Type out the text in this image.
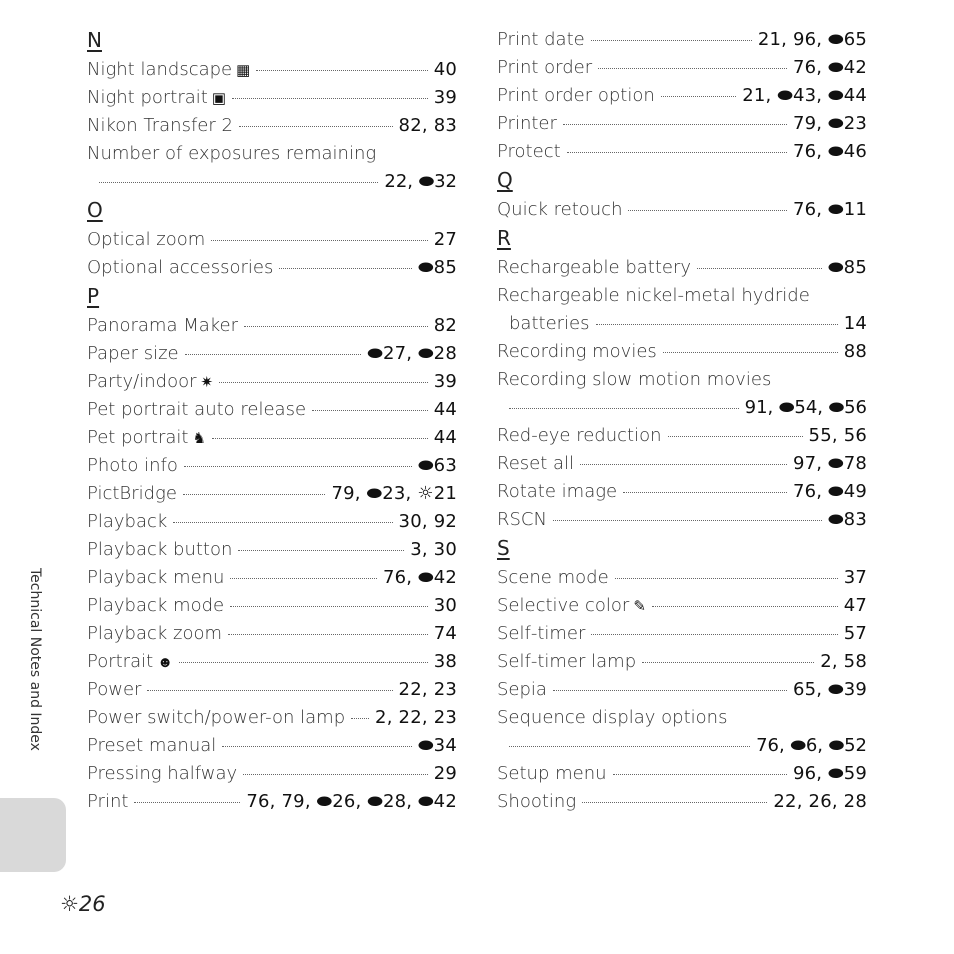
N
Night landscape ▦	40
Night portrait ▣	39
Nikon Transfer 2	82, 83
Number of exposures remaining
22, ⬬32
O
Optical zoom	27
Optional accessories	⬬85
P
Panorama Maker	82
Paper size	⬬27, ⬬28
Party/indoor ✷	39
Pet portrait auto release	44
Pet portrait ♞	44
Photo info	⬬63
PictBridge	79, ⬬23, ☼21
Playback	30, 92
Playback button	3, 30
Playback menu	76, ⬬42
Playback mode	30
Playback zoom	74
Portrait ☻	38
Power	22, 23
Power switch/power-on lamp 2, 22, 23
Preset manual	⬬34
Pressing halfway	29
Print	76, 79, ⬬26, ⬬28, ⬬42
Print date	21, 96, ⬬65
Print order	76, ⬬42
Print order option	21, ⬬43, ⬬44
Printer	79, ⬬23
Protect	76, ⬬46
Q
Quick retouch	76, ⬬11
R
Rechargeable battery	⬬85
Rechargeable nickel-metal hydride
batteries	14
Recording movies	88
Recording slow motion movies
91, ⬬54, ⬬56
Red-eye reduction	55, 56
Reset all	97, ⬬78
Rotate image	76, ⬬49
RSCN	⬬83
S
Scene mode	37
Selective color ✎	47
Self-timer	57
Self-timer lamp	2, 58
Sepia	65, ⬬39
Sequence display options
76, ⬬6, ⬬52
Setup menu	96, ⬬59
Shooting	22, 26, 28
Technical Notes and Index
☼26
